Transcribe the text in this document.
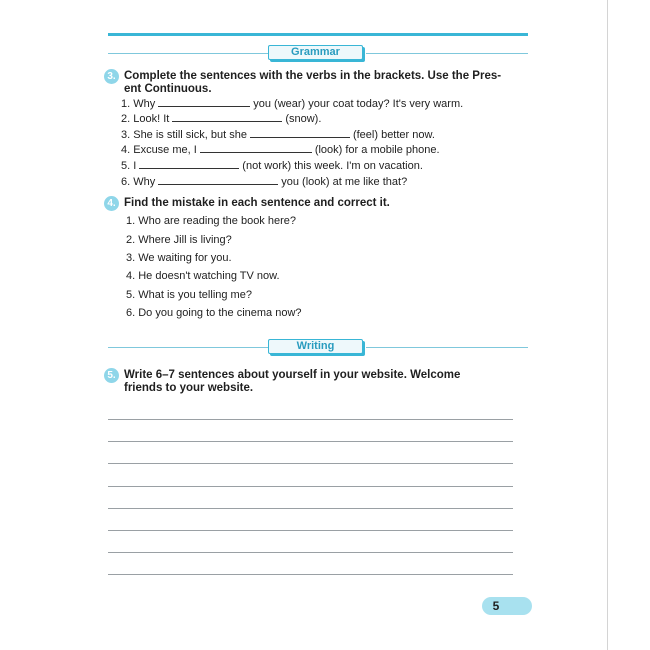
Grammar
3. Complete the sentences with the verbs in the brackets. Use the Pres-
ent Continuous.
1. Why	you (wear) your coat today? It's very warm.
2. Look! It	(snow).
3. She is still sick, but she	(feel) better now.
4. Excuse me, I	(look) for a mobile phone.
5. I	(not work) this week. I'm on vacation.
6. Why	you (look) at me like that?
4. Find the mistake in each sentence and correct it.
1. Who are reading the book here?
2. Where Jill is living?
3. We waiting for you.
4. He doesn't watching TV now.
5. What is you telling me?
6. Do you going to the cinema now?
Writing
5. Write 6–7 sentences about yourself in your website. Welcome
friends to your website.
5
